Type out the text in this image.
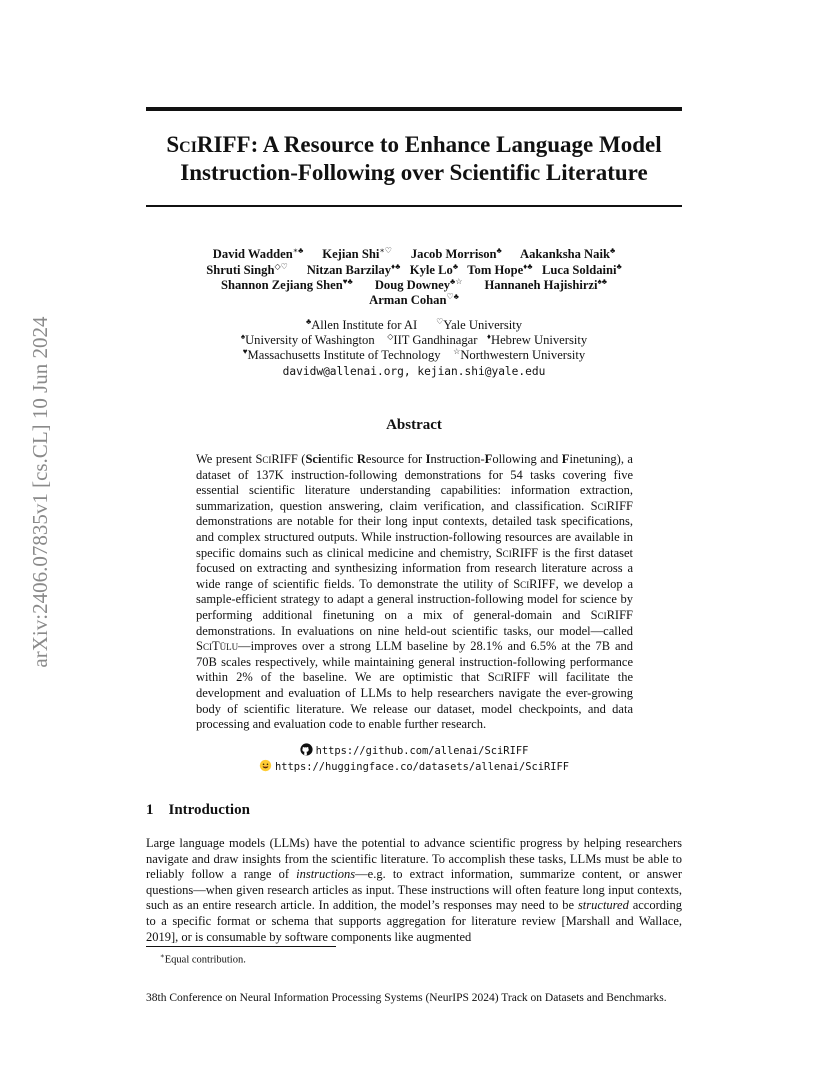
arXiv:2406.07835v1 [cs.CL] 10 Jun 2024
SciRIFF: A Resource to Enhance Language Model
Instruction-Following over Scientific Literature
David Wadden∗♣ Kejian Shi∗♡ Jacob Morrison♣ Aakanksha Naik♣
Shruti Singh◇♡ Nitzan Barzilay♦♣ Kyle Lo♣ Tom Hope♦♣ Luca Soldaini♣
Shannon Zejiang Shen♥♣ Doug Downey♣☆ Hannaneh Hajishirzi♠♣
Arman Cohan♡♣
♣Allen Institute for AI ♡Yale University
♠University of Washington ◇IIT Gandhinagar ♦Hebrew University
♥Massachusetts Institute of Technology ☆Northwestern University
davidw@allenai.org, kejian.shi@yale.edu
Abstract
We present SciRIFF (Scientific Resource for Instruction-Following and Finetuning), a dataset of 137K instruction-following demonstrations for 54 tasks covering five essential scientific literature understanding capabilities: information extraction, summarization, question answering, claim verification, and classification. SciRIFF demonstrations are notable for their long input contexts, detailed task specifications, and complex structured outputs. While instruction-following resources are available in specific domains such as clinical medicine and chemistry, SciRIFF is the first dataset focused on extracting and synthesizing information from research literature across a wide range of scientific fields. To demonstrate the utility of SciRIFF, we develop a sample-efficient strategy to adapt a general instruction-following model for science by performing additional finetuning on a mix of general-domain and SciRIFF demonstrations. In evaluations on nine held-out scientific tasks, our model—called SciTülu—improves over a strong LLM baseline by 28.1% and 6.5% at the 7B and 70B scales respectively, while maintaining general instruction-following performance within 2% of the baseline. We are optimistic that SciRIFF will facilitate the development and evaluation of LLMs to help researchers navigate the ever-growing body of scientific literature. We release our dataset, model checkpoints, and data processing and evaluation code to enable further research.
https://github.com/allenai/SciRIFF
https://huggingface.co/datasets/allenai/SciRIFF
1 Introduction
Large language models (LLMs) have the potential to advance scientific progress by helping researchers navigate and draw insights from the scientific literature. To accomplish these tasks, LLMs must be able to reliably follow a range of instructions—e.g. to extract information, summarize content, or answer questions—when given research articles as input. These instructions will often feature long input contexts, such as an entire research article. In addition, the model’s responses may need to be structured according to a specific format or schema that supports aggregation for literature review [Marshall and Wallace, 2019], or is consumable by software components like augmented
∗Equal contribution.
38th Conference on Neural Information Processing Systems (NeurIPS 2024) Track on Datasets and Benchmarks.
